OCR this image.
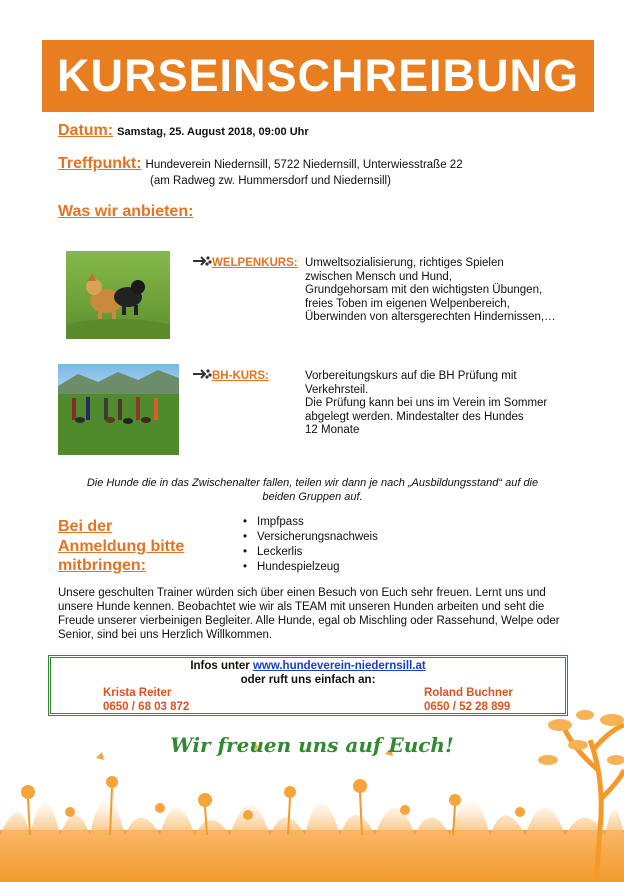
KURSEINSCHREIBUNG
Datum: Samstag, 25. August 2018, 09:00 Uhr
Treffpunkt: Hundeverein Niedernsill, 5722 Niedernsill, Unterwiesstraße 22
(am Radweg zw. Hummersdorf und Niedernsill)
Was wir anbieten:
WELPENKURS: Umweltsozialisierung, richtiges Spielen
zwischen Mensch und Hund,
Grundgehorsam mit den wichtigsten Übungen,
freies Toben im eigenen Welpenbereich,
Überwinden von altersgerechten Hindernissen,…
BH-KURS:	Vorbereitungskurs auf die BH Prüfung mit
Verkehrsteil.
Die Prüfung kann bei uns im Verein im Sommer
abgelegt werden. Mindestalter des Hundes
12 Monate
Die Hunde die in das Zwischenalter fallen, teilen wir dann je nach „Ausbildungsstand“ auf die
beiden Gruppen auf.
Bei der
Anmeldung bitte
mitbringen:
• Impfpass
• Versicherungsnachweis
• Leckerlis
• Hundespielzeug
Unsere geschulten Trainer würden sich über einen Besuch von Euch sehr freuen. Lernt uns und
unsere Hunde kennen. Beobachtet wie wir als TEAM mit unseren Hunden arbeiten und seht die
Freude unserer vierbeinigen Begleiter. Alle Hunde, egal ob Mischling oder Rassehund, Welpe oder
Senior, sind bei uns Herzlich Willkommen.
Infos unter www.hundeverein-niedernsill.at
oder ruft uns einfach an:
Krista Reiter
0650 / 68 03 872
Roland Buchner
0650 / 52 28 899
Wir freuen uns auf Euch!
